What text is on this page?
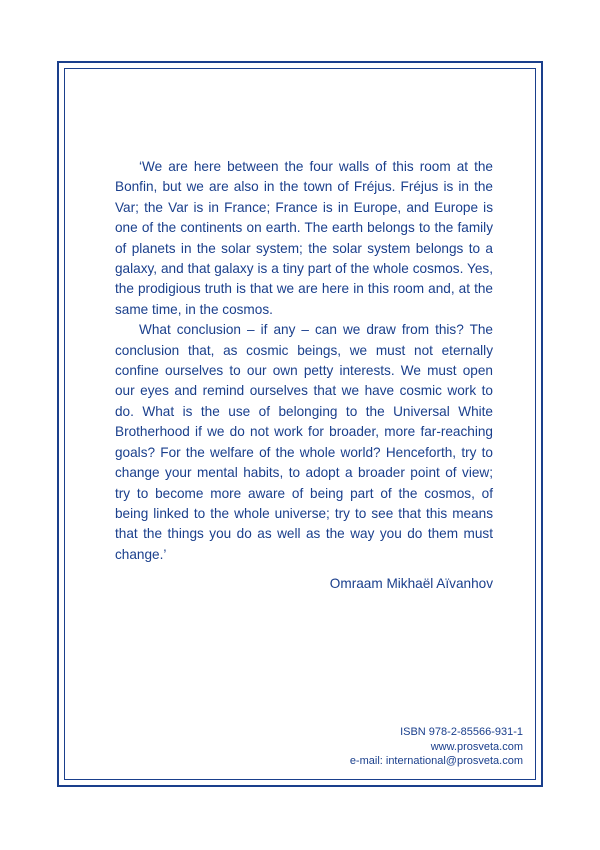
‘We are here between the four walls of this room at the Bonfin, but we are also in the town of Fréjus. Fréjus is in the Var; the Var is in France; France is in Europe, and Europe is one of the continents on earth. The earth belongs to the family of planets in the solar system; the solar system belongs to a galaxy, and that galaxy is a tiny part of the whole cosmos. Yes, the prodigious truth is that we are here in this room and, at the same time, in the cosmos.

What conclusion – if any – can we draw from this? The conclusion that, as cosmic beings, we must not eternally confine ourselves to our own petty interests. We must open our eyes and remind ourselves that we have cosmic work to do. What is the use of belonging to the Universal White Brotherhood if we do not work for broader, more far-reaching goals? For the welfare of the whole world? Henceforth, try to change your mental habits, to adopt a broader point of view; try to become more aware of being part of the cosmos, of being linked to the whole universe; try to see that this means that the things you do as well as the way you do them must change.’

Omraam Mikhaël Aïvanhov
ISBN 978-2-85566-931-1
www.prosveta.com
e-mail: international@prosveta.com
